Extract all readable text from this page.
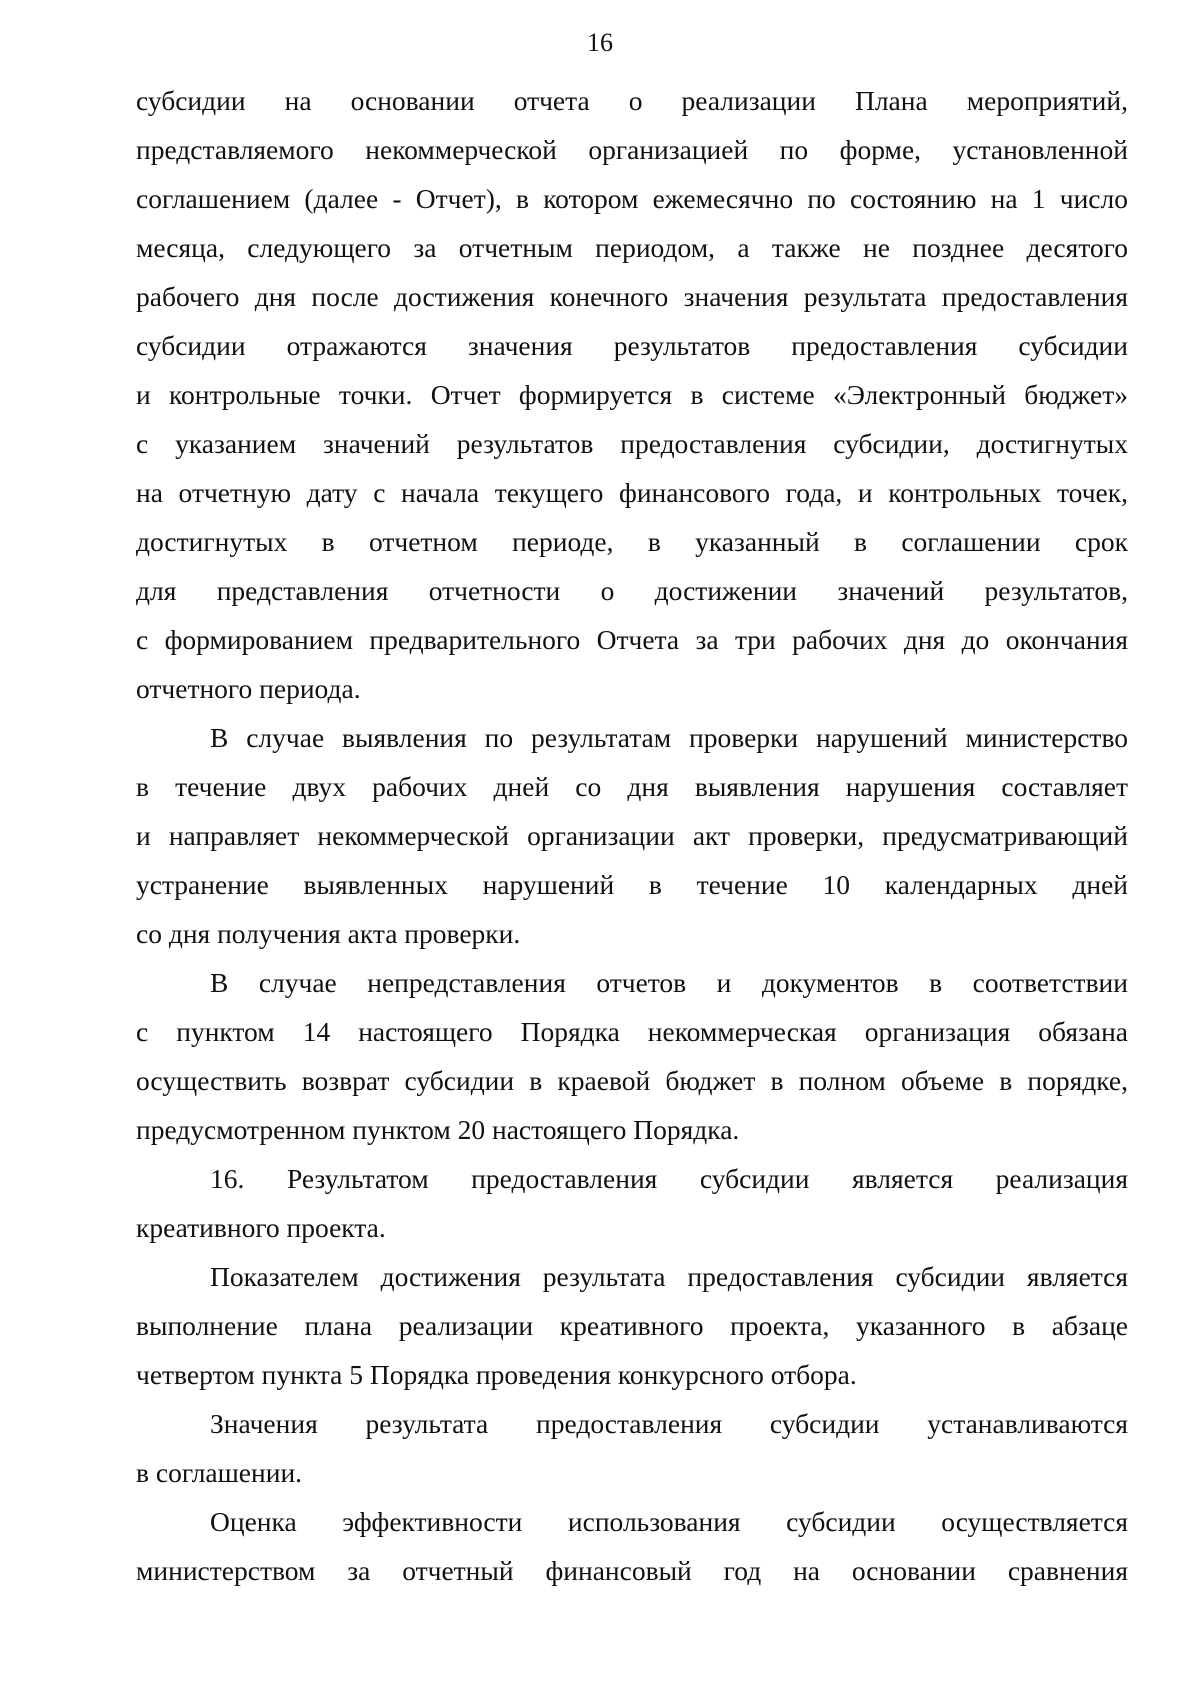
16
субсидии на основании отчета о реализации Плана мероприятий,
представляемого некоммерческой организацией по форме, установленной
соглашением (далее - Отчет), в котором ежемесячно по состоянию на 1 число
месяца, следующего за отчетным периодом, а также не позднее десятого
рабочего дня после достижения конечного значения результата предоставления
субсидии отражаются значения результатов предоставления субсидии
и контрольные точки. Отчет формируется в системе «Электронный бюджет»
с указанием значений результатов предоставления субсидии, достигнутых
на отчетную дату с начала текущего финансового года, и контрольных точек,
достигнутых в отчетном периоде, в указанный в соглашении срок
для представления отчетности о достижении значений результатов,
с формированием предварительного Отчета за три рабочих дня до окончания
отчетного периода.
В случае выявления по результатам проверки нарушений министерство
в течение двух рабочих дней со дня выявления нарушения составляет
и направляет некоммерческой организации акт проверки, предусматривающий
устранение выявленных нарушений в течение 10 календарных дней
со дня получения акта проверки.
В случае непредставления отчетов и документов в соответствии
с пунктом 14 настоящего Порядка некоммерческая организация обязана
осуществить возврат субсидии в краевой бюджет в полном объеме в порядке,
предусмотренном пунктом 20 настоящего Порядка.
16. Результатом предоставления субсидии является реализация
креативного проекта.
Показателем достижения результата предоставления субсидии является
выполнение плана реализации креативного проекта, указанного в абзаце
четвертом пункта 5 Порядка проведения конкурсного отбора.
Значения результата предоставления субсидии устанавливаются
в соглашении.
Оценка эффективности использования субсидии осуществляется
министерством за отчетный финансовый год на основании сравнения
